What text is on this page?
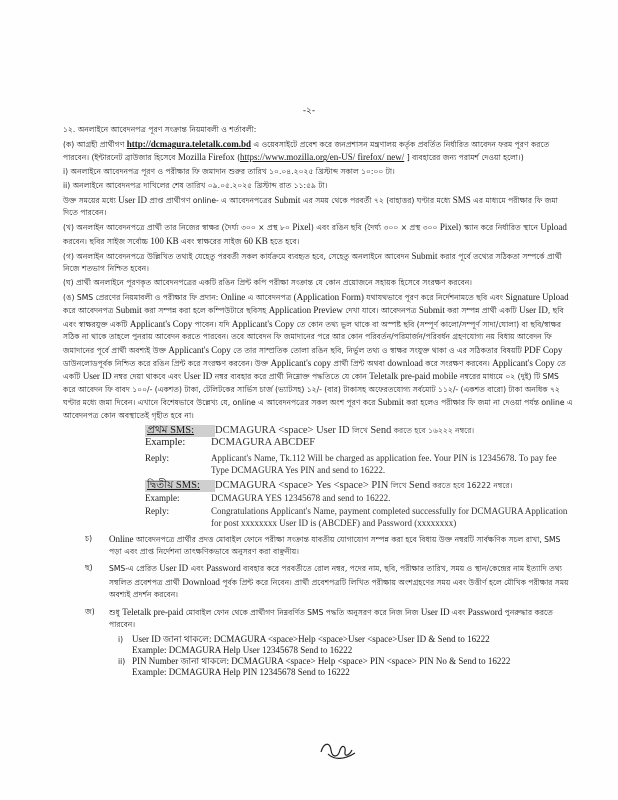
-২-

১২. অনলাইনে আবেদনপত্র পূরণ সংক্রান্ত নিয়মাবলী ও শর্তাবলী:

(ক) আগ্রহী প্রার্থীগণ http://dcmagura.teletalk.com.bd এ ওয়েবসাইটে প্রবেশ করে জনপ্রশাসন মন্ত্রণালয় কর্তৃক প্রবর্তিত নির্ধারিত আবেদন ফরম পূরণ করতে পারবেন। (ইন্টারনেট ব্রাউজার হিসেবে Mozilla Firefox (https://www.mozilla.org/en-US/ firefox/ new/ ] ব্যবহারের জন্য পরামর্শ দেওয়া হলো।)

i) অনলাইনে আবেদনপত্র পূরণ ও পরীক্ষার ফি জমাদান শুরুর তারিখ ১০.০৪.২০২৫ খ্রিস্টাব্দ সকাল ১০:০০ টা।

ii) অনলাইনে আবেদনপত্র দাখিলের শেষ তারিখ ০৯.০৫.২০২৫ খ্রিস্টাব্দ রাত ১১:৫৯ টা।

উক্ত সময়ের মধ্যে User ID প্রাপ্ত প্রার্থীগণ online- এ আবেদনপত্রের Submit এর সময় থেকে পরবর্তী ৭২ (বাহাত্তর) ঘণ্টার মধ্যে SMS এর মাধ্যমে পরীক্ষার ফি জমা দিতে পারবেন।

(খ) অনলাইন আবেদনপত্রে প্রার্থী তার নিজের স্বাক্ষর (দৈর্ঘ্য ৩০০ × প্রস্থ ৮০ Pixel) এবং রঙিন ছবি (দৈর্ঘ্য ৩০০ × প্রস্থ ৩০০ Pixel) স্ক্যান করে নির্ধারিত স্থানে Upload করবেন। ছবির সাইজ সর্বোচ্চ 100 KB এবং স্বাক্ষরের সাইজ 60 KB হতে হবে।

(গ) অনলাইন আবেদনপত্রে উল্লিখিত তথ্যই যেহেতু পরবর্তী সকল কার্যক্রমে ব্যবহৃত হবে, সেহেতু অনলাইনে আবেদন Submit করার পূর্বে তথ্যের সঠিকতা সম্পর্কে প্রার্থী নিজে শতভাগ নিশ্চিত হবেন।

(ঘ) প্রার্থী অনলাইনে পূরণকৃত আবেদনপত্রের একটি রঙিন প্রিন্ট কপি পরীক্ষা সংক্রান্ত যে কোন প্রয়োজনে সহায়ক হিসেবে সংরক্ষণ করবেন।

(ঙ) SMS প্রেরণের নিয়মাবলী ও পরীক্ষার ফি প্রদান: Online এ আবেদনপত্র (Application Form) যথাযথভাবে পূরণ করে নির্দেশনামতে ছবি এবং Signature Upload করে আবেদনপত্র Submit করা সম্পন্ন করা হলে কম্পিউটারে ছবিসহ Application Preview দেখা যাবে। আবেদনপত্র Submit করা সম্পন্ন প্রার্থী একটি User ID, ছবি এবং স্বাক্ষরযুক্ত একটি Applicant's Copy পাবেন। যদি Applicant's Copy তে কোন তথ্য ভুল থাকে বা অস্পষ্ট ছবি (সম্পূর্ণ কালো/সম্পূর্ণ সাদা/ঘোলা) বা ছবি/স্বাক্ষর সঠিক না থাকে তাহলে পুনরায় আবেদন করতে পারবেন। তবে আবেদন ফি জমাদানের পরে আর কোন পরিবর্তন/পরিমার্জন/পরিবর্ধন গ্রহণযোগ্য নয় বিধায় আবেদন ফি জমাদানের পূর্বে প্রার্থী অবশ্যই উক্ত Applicant's Copy তে তার সাম্প্রতিক তোলা রঙিন ছবি, নির্ভুল তথ্য ও স্বাক্ষর সংযুক্ত থাকা ও এর সঠিকতার বিষয়টি PDF Copy ডাউনলোডপূর্বক নিশ্চিত করে রঙিন প্রিন্ট করে সংরক্ষণ করবেন। উক্ত Applicant's copy প্রার্থী প্রিন্ট অথবা download করে সংরক্ষণ করবেন। Applicant's Copy তে একটি User ID নম্বর দেয়া থাকবে এবং User ID নম্বর ব্যবহার করে প্রার্থী নিম্নোক্ত পদ্ধতিতে যে কোন Teletalk pre-paid mobile নম্বরের মাধ্যমে ০২ (দুই) টি SMS করে আবেদন ফি বাবদ ১০০/- (একশত) টাকা, টেলিটকের সার্ভিস চার্জ (ভ্যাটসহ) ১২/- (বার) টাকাসহ অফেরতযোগ্য সর্বমোট ১১২/- (একশত বারো) টাকা অনধিক ৭২ ঘণ্টার মধ্যে জমা দিবেন। এখানে বিশেষভাবে উল্লেখ্য যে, online এ আবেদনপত্রের সকল অংশ পূরণ করে Submit করা হলেও পরীক্ষার ফি জমা না দেওয়া পর্যন্ত online এ আবেদনপত্র কোন অবস্থাতেই গৃহীত হবে না।

প্রথম SMS:	DCMAGURA <space> User ID লিখে Send করতে হবে ১৬২২২ নম্বরে।
Example:	DCMAGURA ABCDEF
Reply:	Applicant's Name, Tk.112 Will be charged as application fee. Your PIN is 12345678. To pay fee Type DCMAGURA Yes PIN and send to 16222.
দ্বিতীয় SMS:	DCMAGURA <space> Yes <space> PIN লিখে Send করতে হবে 16222 নম্বরে।
Example:	DCMAGURA YES 12345678 and send to 16222.
Reply:	Congratulations Applicant's Name, payment completed successfully for DCMAGURA Application for post xxxxxxxx User ID is (ABCDEF) and Password (xxxxxxxx)
চ)	Online আবেদনপত্রে প্রার্থীর প্রদত্ত মোবাইল ফোনে পরীক্ষা সংক্রান্ত যাবতীয় যোগাযোগ সম্পন্ন করা হবে বিধায় উক্ত নম্বরটি সার্বক্ষণিক সচল রাখা, SMS পড়া এবং প্রাপ্ত নির্দেশনা তাৎক্ষণিকভাবে অনুসরণ করা বাঞ্ছনীয়।
ছ)	SMS-এ প্রেরিত User ID এবং Password ব্যবহার করে পরবর্তীতে রোল নম্বর, পদের নাম, ছবি, পরীক্ষার তারিখ, সময় ও স্থান/কেন্দ্রের নাম ইত্যাদি তথ্য সম্বলিত প্রবেশপত্র প্রার্থী Download পূর্বক প্রিন্ট করে নিবেন। প্রার্থী প্রবেশপত্রটি লিখিত পরীক্ষায় অংশগ্রহণের সময় এবং উত্তীর্ণ হলে মৌখিক পরীক্ষার সময় অবশ্যই প্রদর্শন করবেন।
জ)	শুধু Teletalk pre-paid মোবাইল ফোন থেকে প্রার্থীগণ নিম্নবর্ণিত SMS পদ্ধতি অনুসরণ করে নিজ নিজ User ID এবং Password পুনরুদ্ধার করতে পারবেন।
i) User ID জানা থাকলে: DCMAGURA <space>Help <space>User <space>User ID & Send to 16222
Example: DCMAGURA Help User 12345678 Send to 16222
ii) PIN Number জানা থাকলে: DCMAGURA <space> Help <space> PIN <space> PIN No & Send to 16222
Example: DCMAGURA Help PIN 12345678 Send to 16222
